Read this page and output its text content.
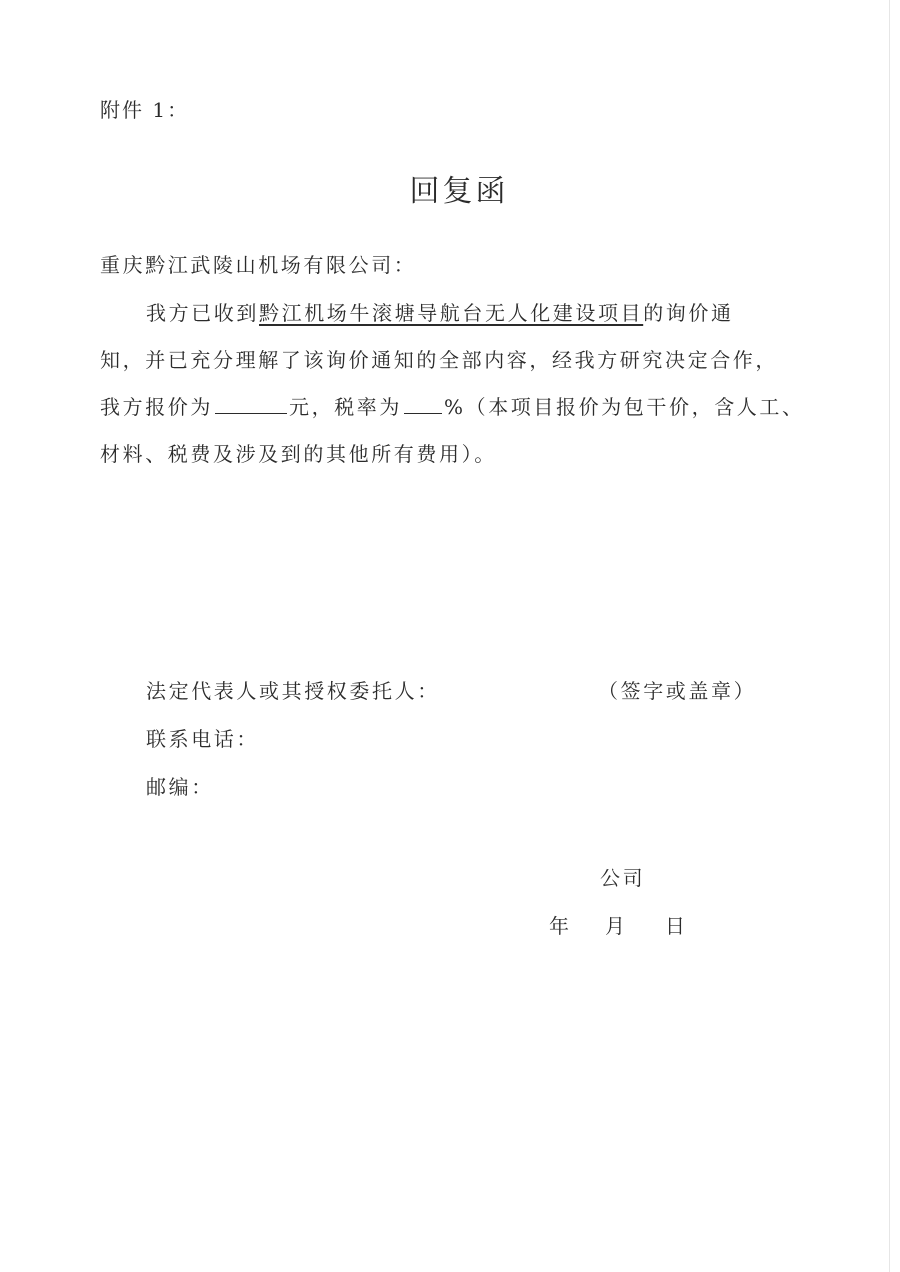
附件 1：
回复函
重庆黔江武陵山机场有限公司：
我方已收到黔江机场牛滚塘导航台无人化建设项目的询价通
知，并已充分理解了该询价通知的全部内容，经我方研究决定合作，
我方报价为	元，税率为 %（本项目报价为包干价，含人工、
材料、税费及涉及到的其他所有费用）。
法定代表人或其授权委托人：	（签字或盖章）
联系电话：
邮编：
公司
年 月 日
